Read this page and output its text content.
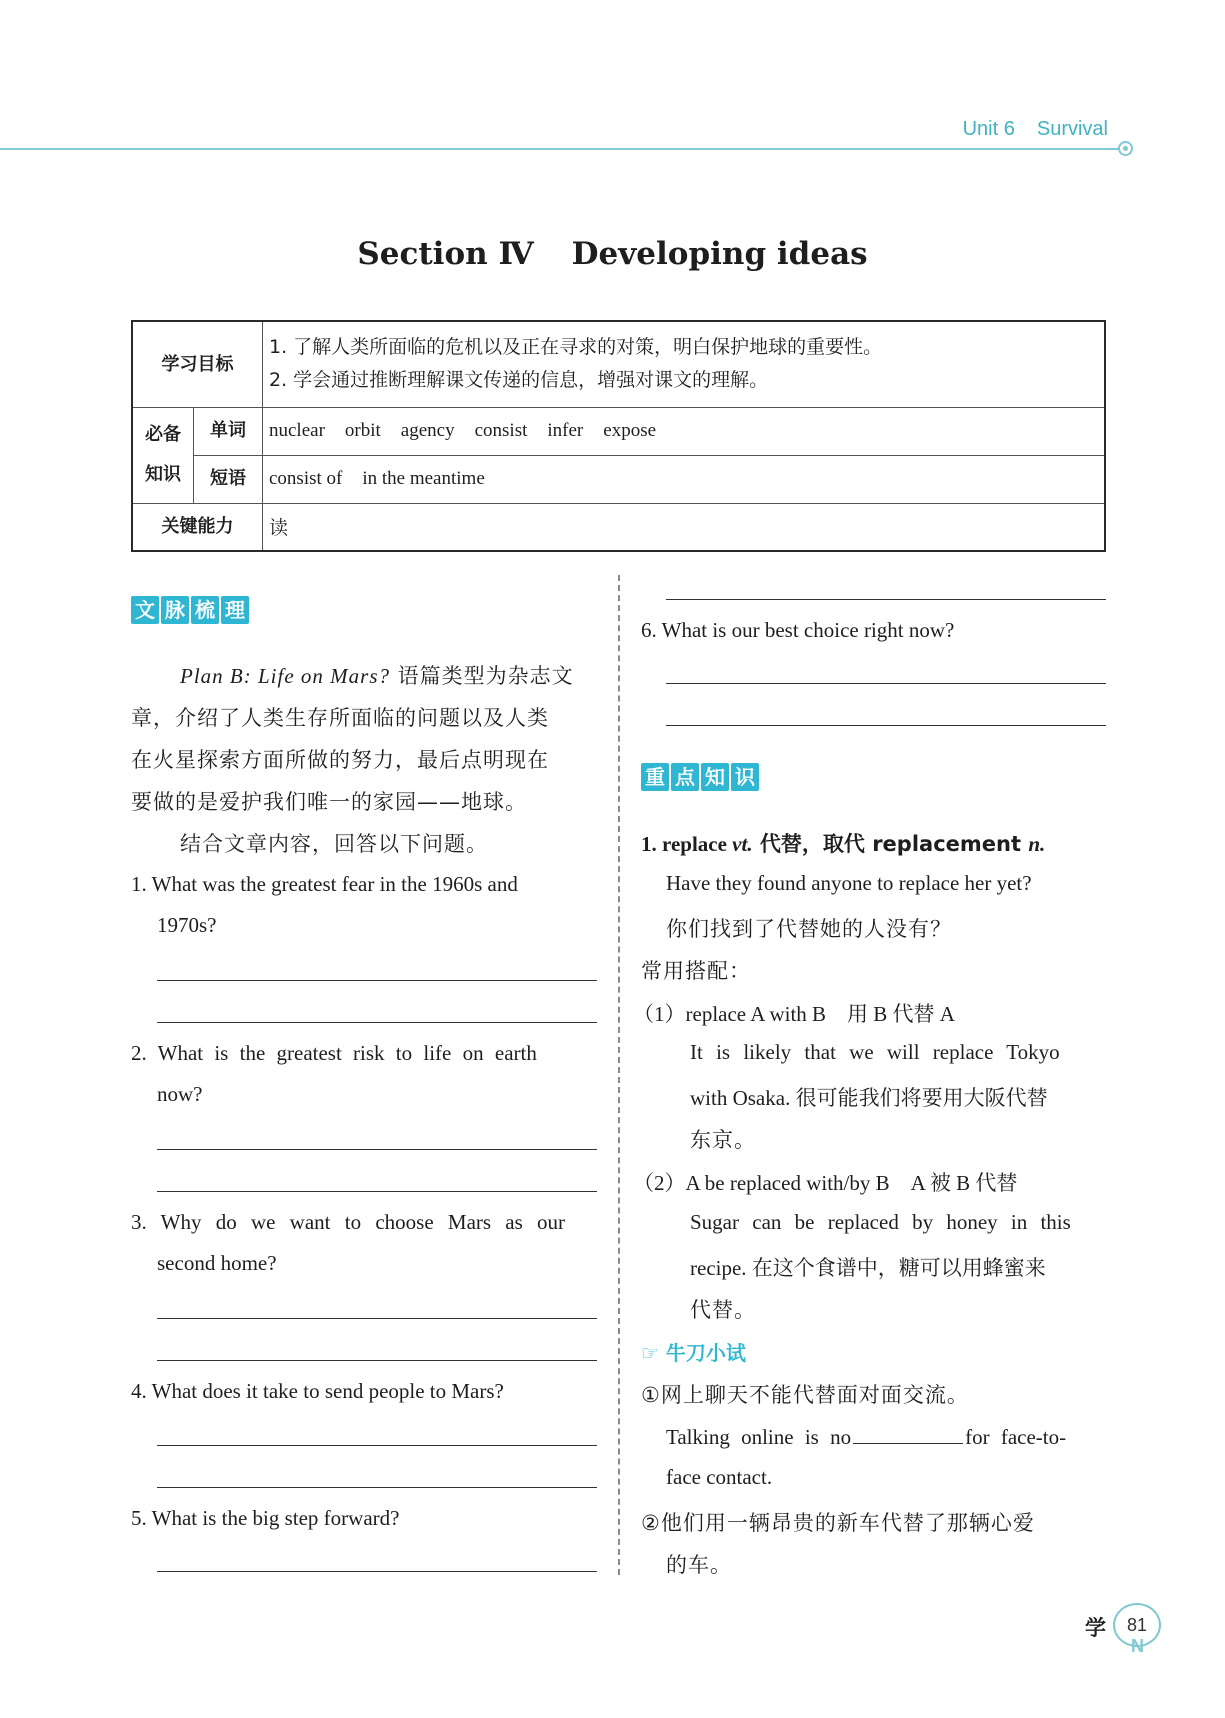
Unit 6 Survival
Section Ⅳ Developing ideas
学习目标		1. 了解人类所面临的危机以及正在寻求的对策，明白保护地球的重要性。
2. 学会通过推断理解课文传递的信息，增强对课文的理解。

必备
知识	单词	nuclear orbit agency consist infer expose
	短语	consist of in the meantime
关键能力		读
文 脉 梳 理
Plan B: Life on Mars? 语篇类型为杂志文
章，介绍了人类生存所面临的问题以及人类
在火星探索方面所做的努力，最后点明现在
要做的是爱护我们唯一的家园——地球。
结合文章内容，回答以下问题。
1. What was the greatest fear in the 1960s and
1970s?
2. What is the greatest risk to life on earth
now?
3. Why do we want to choose Mars as our
second home?
4. What does it take to send people to Mars?
5. What is the big step forward?
6. What is our best choice right now?
重 点 知 识
1. replace vt. 代替，取代 replacement n.
Have they found anyone to replace her yet?
你们找到了代替她的人没有？
常用搭配：
（1）replace A with B　用 B 代替 A
It is likely that we will replace Tokyo
with Osaka. 很可能我们将要用大阪代替
东京。
（2）A be replaced with/by B　A 被 B 代替
Sugar can be replaced by honey in this
recipe. 在这个食谱中，糖可以用蜂蜜来
代替。
☞ 牛刀小试
①网上聊天不能代替面对面交流。
Talking online is no	for face-to-
face contact.
②他们用一辆昂贵的新车代替了那辆心爱
的车。
学	81
N
